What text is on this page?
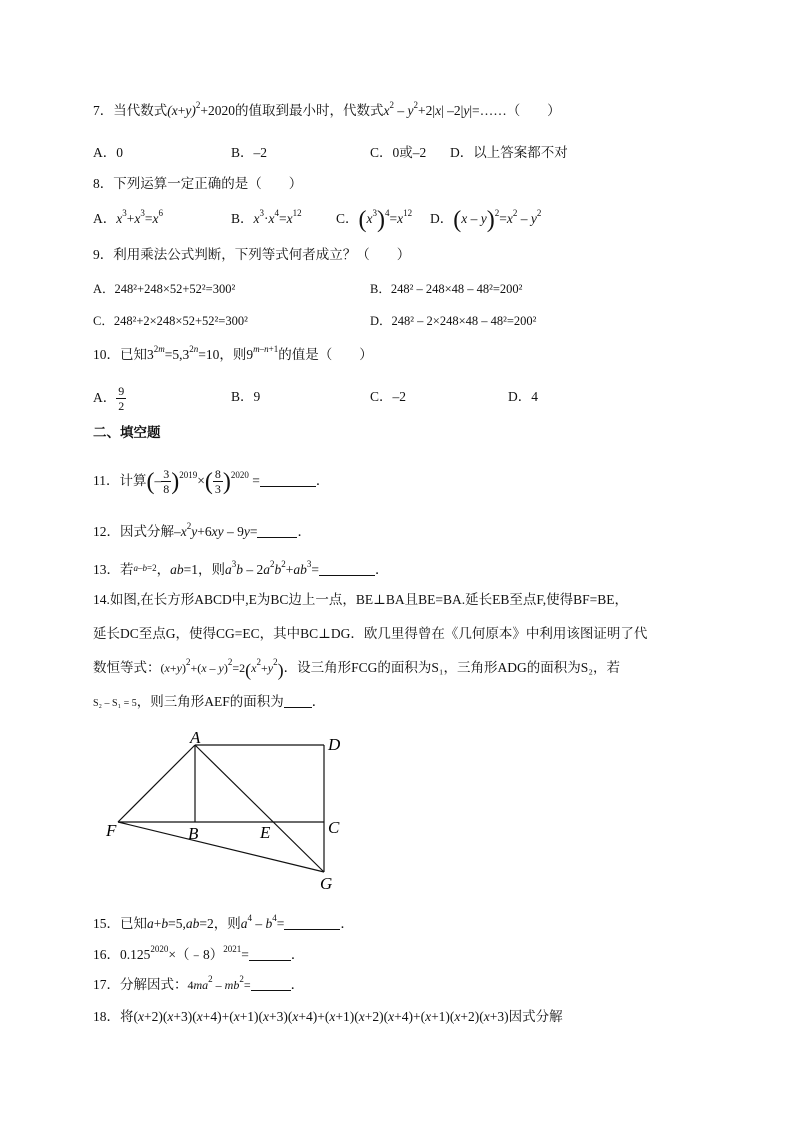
7．当代数式$(x+y)^2+2020$的值取到最小时，代数式$x^2 - y^2+2|x|$ –2|y|=……（　　）
A．0	B．–2	C．0或–2 D．以上答案都不对
8．下列运算一定正确的是（　　）
A．$x^3+x^3=x^6$	B．$x^3\cdot x^4=x^{12}$	C．$(x^3)^4=x^{12}$ D．$(x - y)^2=x^2 - y^2$
9．利用乘法公式判断，下列等式何者成立？（　　）
A．248²+248×52+52²=300²	B．248² – 248×48 – 48²=200²
C．248²+2×248×52+52²=300²	D．248² – 2×248×48 – 48²=200²
10．已知$3^{2m}=5,3^{2n}=10$，则$9^{m-n+1}$的值是（　　）
A． $\frac{9}{2}$	B．9	C．–2	D．4
二、填空题
11．计算(– $\frac{3}{8} )^{2019}\times( \frac{8}{3} )^{2020}$ =	．
12．因式分解$-x^2y+6xy - 9y=$	．
13．若$^{a-b=2}$，ab=1，则$a^3b - 2a^2b^2+ab^3=$	．
14.如图,在长方形ABCD中,E为BC边上一点，BE⊥BA且BE=BA.延长EB至点F,使得BF=BE，
延长DC至点G，使得CG=EC，其中BC⊥DG．欧几里得曾在《几何原本》中利用该图证明了代
数恒等式：$(x+y)^2+(x - y)^2=2(x^2+y^2)$．设三角形FCG的面积为S₁，三角形ADG的面积为S₂，若
S₂ – S₁ = 5，则三角形AEF的面积为 ．
A	D
F	B	E	C
G
15．已知a+b=5,ab=2，则$a^4 - b^4=$	．
16．$0.125^{2020}\times(﹣8)^{2021}=$	．
17．分解因式：$4ma^2 - mb^2=$	．
18．将(x+2)(x+3)(x+4)+(x+1)(x+3)(x+4)+(x+1)(x+2)(x+4)+(x+1)(x+2)(x+3)因式分解
